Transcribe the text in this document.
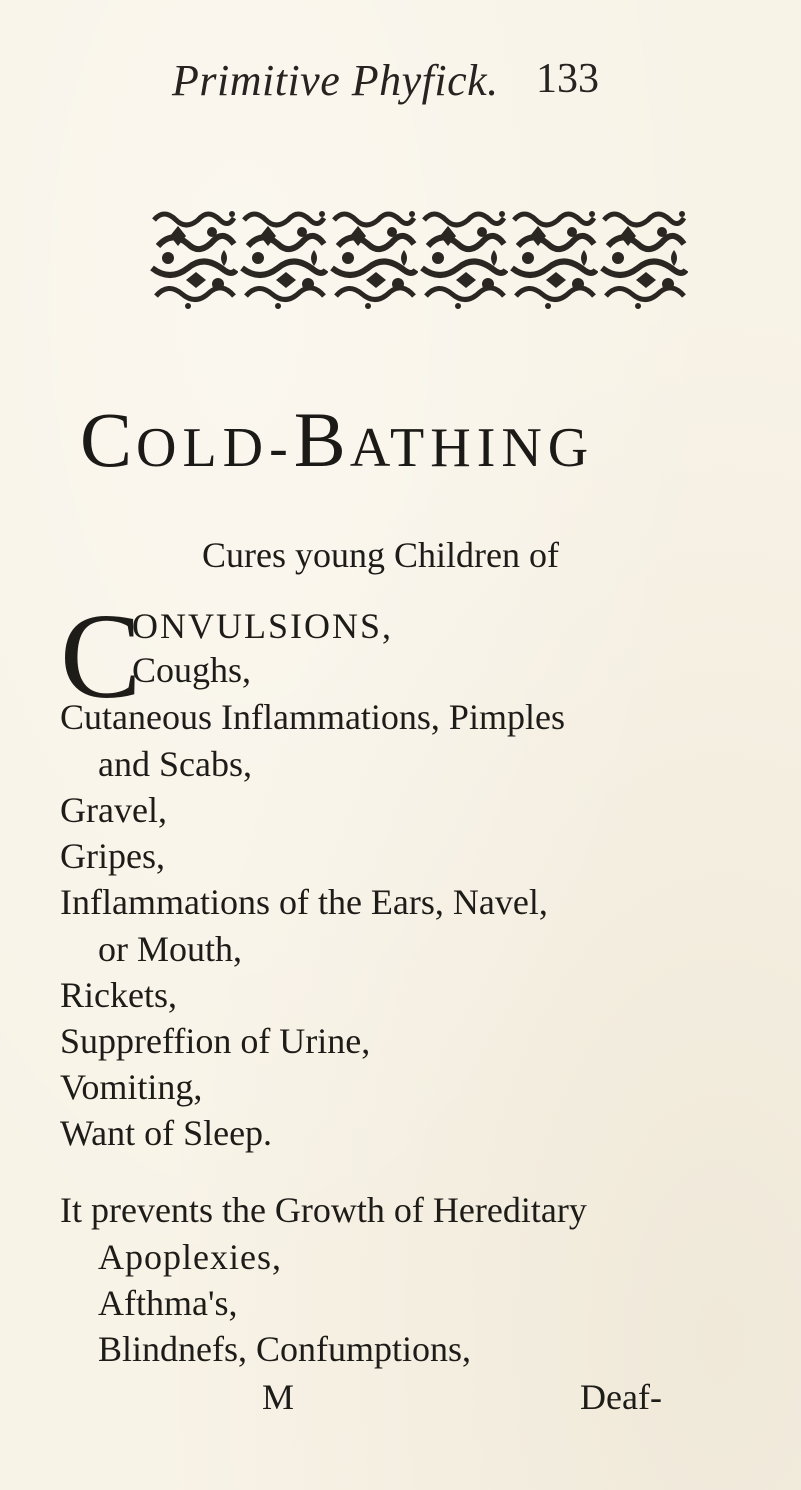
Primitive Phyfick. 133
COLD-BATHING
Cures young Children of
C
ONVULSIONS,
Coughs,
Cutaneous Inflammations, Pimples
and Scabs,
Gravel,
Gripes,
Inflammations of the Ears, Navel,
or Mouth,
Rickets,
Suppreffion of Urine,
Vomiting,
Want of Sleep.
It prevents the Growth of Hereditary
Apoplexies,
Afthma's,
Blindnefs, Confumptions,
M	Deaf-
